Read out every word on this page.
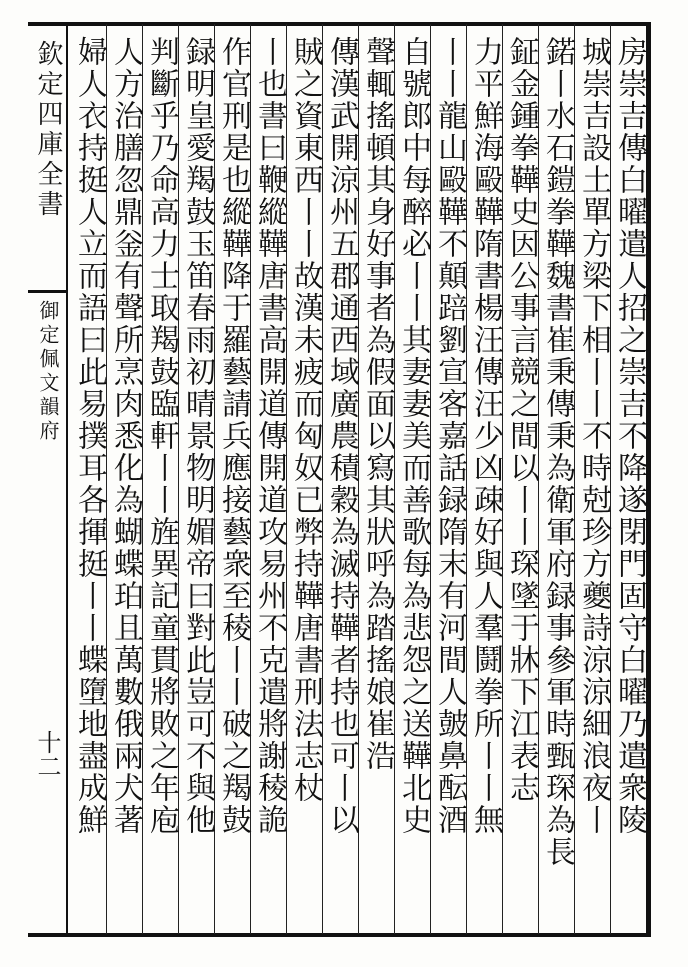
欽定四庫全書
御定佩文韻府
十二	房崇吉傳白曜遣人招之崇吉不降遂閉門固守白曜乃遣衆陵
城崇吉設土單方梁下相丨丨不時尅珍方夔詩涼涼細浪夜丨
鍩丨水石鎧拳鞾魏書崔秉傳秉為衛軍府録事參軍時甄琛為長
鉦金鍾拳鞾史因公事言競之間以丨丨琛墜于牀下江表志
力平鮮海毆鞾隋書楊汪傳汪少凶疎好與人羣鬪拳所丨丨無
丨丨龍山毆鞾不顛踣劉宣客嘉話録隋末有河間人皷鼻酝酒
自號郎中每醉必丨丨其妻妻美而善歌每為悲怨之送鞾北史
聲輒搖頓其身好事者為假面以寫其狀呼為踏搖娘崔浩
傳漢武開涼州五郡通西域廣農積穀為滅持鞾者持也可丨以
賊之資東西丨丨故漢未疲而匈奴已弊持鞾唐書刑法志杖
丨也書曰鞭縱鞾唐書高開道傳開道攻易州不克遣將謝稜詭
作官刑是也縱鞾降于羅藝請兵應接藝衆至稜丨丨破之羯鼓
録明皇愛羯鼓玉笛春雨初晴景物明媚帝曰對此豈可不與他
判斷乎乃命高力士取羯鼓臨軒丨丨旌異記童貫將敗之年庖
人方治膳忽鼎釡有聲所烹肉悉化為蝴蝶珀且萬數俄兩犬著
婦人衣持挺人立而語曰此易撲耳各揮挺丨丨蝶墮地盡成鮮
